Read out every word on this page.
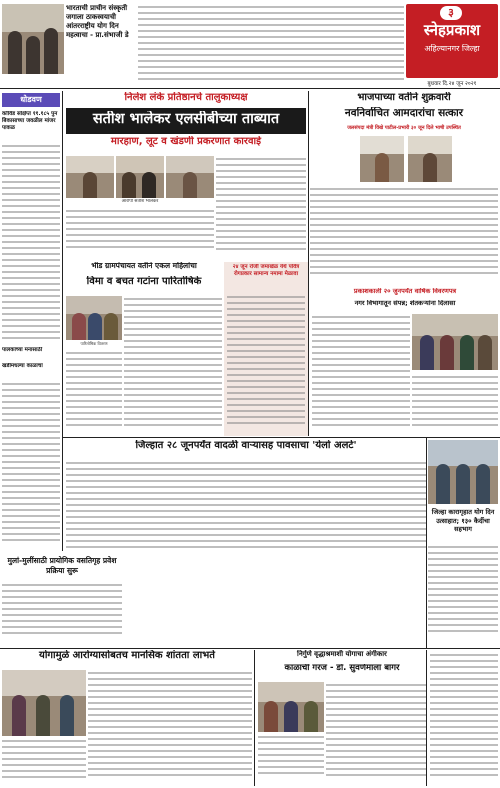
भारताची प्राचीन संस्कृती जगाला ठाकस्वयाची आंतरराष्ट्रीय योग दिन महत्वाचा - प्रा.संभाजी डे
३
स्नेहप्रकाश
अहिल्यानगर जिल्हा
बुधवार दि.२४ जून २०२१
धोडवण
कोविड संक्षिप्त ११.१८५ पुन बिकासाच्या जवळील मांजर पाकळ
पालकांच्या मनासाठी
खर्डीमधल्या काळाचा
निलेश लंके प्रतिष्ठानचे तालुकाध्यक्ष
सतीश भालेकर एलसीबीच्या ताब्यात
मारहाण, लूट व खंडणी प्रकरणात कारवाई
आरोपी सतीश भालेकर
भाजपाच्या वतीने शुक्रवारी
नवनिर्वाचित आमदारांचा सत्कार
जलसंपदा मंत्री विखे पाटील-प्रभारी ३० जून दिले भाषी उपस्थित
भीड ग्रामपंचायत वतीने एकल महिलांचा
विमा व बचत गटांना पारितोषिके
पारितोषिक वितरण
२४ जून रोजी जमाखेळ येथे पवित्र रोगप्रकार सामान्य नमामा मेळावा
प्रकाशकाली २० जुनपर्यंत वार्षिक विवरणपत्र
नगर विभागातून संपन्न; शेतकऱ्यांना दिलासा
जिल्हात २८ जूनपर्यंत वादळी वाऱ्यासह पावसाचा 'येलो अलर्ट'
मुलां-मुलींसाठी प्रायोगिक वसतिगृह प्रवेश प्रक्रिया सुरू
जिल्हा कारागृहात योग दिन उत्साहात; १३० कैदींचा सहभाग
योगामुळे आरोग्यासोबतच मानसिक शांतता लाभते	निर्गुणे वृद्धाश्रमाशी योगाचा अंगीकार
काळाची गरज - डॉ. सुवर्णमाला बांगर
